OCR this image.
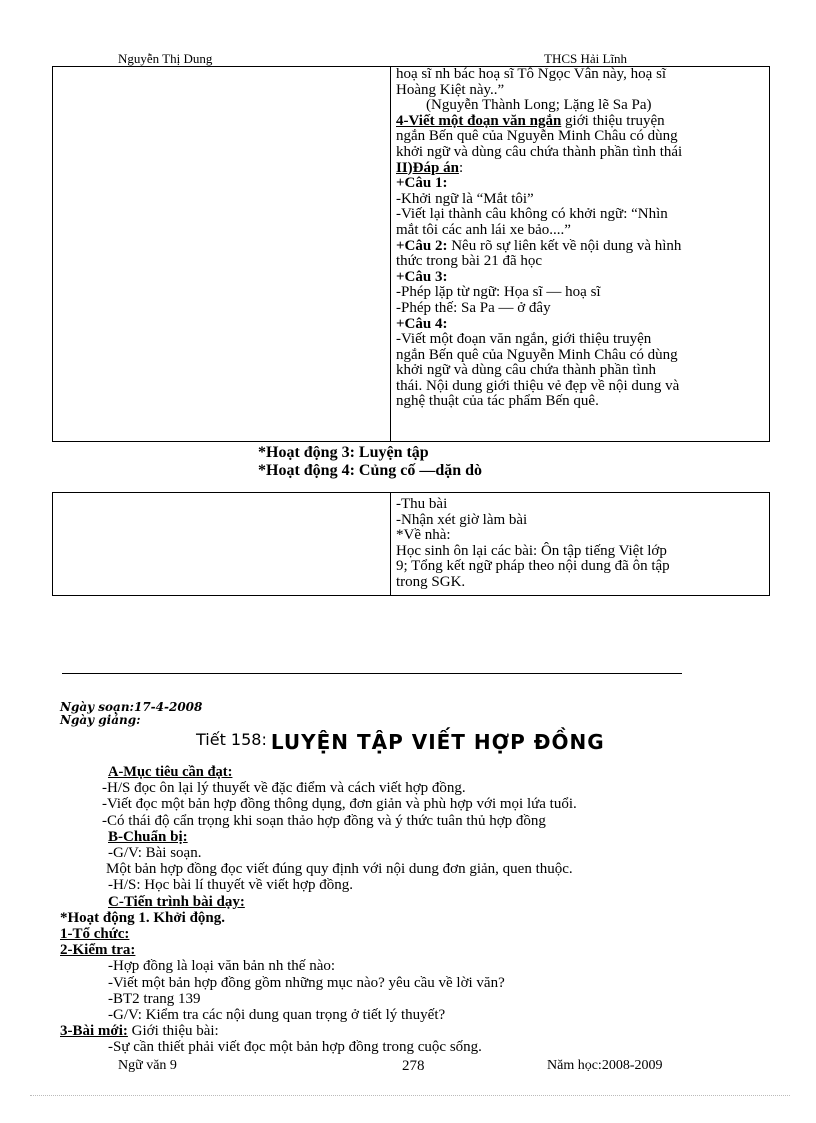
Nguyễn Thị Dung	THCS Hải Lĩnh
hoạ sĩ nh bác hoạ sĩ Tô Ngọc Vân này, hoạ sĩ
Hoàng Kiệt này..”
(Nguyễn Thành Long; Lặng lẽ Sa Pa)
4-Viết một đoạn văn ngắn giới thiệu truyện
ngắn Bến quê của Nguyễn Minh Châu có dùng
khởi ngữ và dùng câu chứa thành phần tình thái
II)Đáp án:
+Câu 1:
-Khởi ngữ là “Mắt tôi”
-Viết lại thành câu không có khởi ngữ: “Nhìn
mắt tôi các anh lái xe bảo....”
+Câu 2: Nêu rõ sự liên kết về nội dung và hình
thức trong bài 21 đã học
+Câu 3:
-Phép lặp từ ngữ: Họa sĩ — hoạ sĩ
-Phép thế: Sa Pa — ở đây
+Câu 4:
-Viết một đoạn văn ngắn, giới thiệu truyện
ngắn Bến quê của Nguyễn Minh Châu có dùng
khởi ngữ và dùng câu chứa thành phần tình
thái. Nội dung giới thiệu vẻ đẹp về nội dung và
nghệ thuật của tác phẩm Bến quê.
*Hoạt động 3: Luyện tập
*Hoạt động 4: Củng cố —dặn dò
-Thu bài
-Nhận xét giờ làm bài
*Về nhà:
Học sinh ôn lại các bài: Ôn tập tiếng Việt lớp
9; Tổng kết ngữ pháp theo nội dung đã ôn tập
trong SGK.
Ngày soạn:17-4-2008
Ngày giảng:
Tiết 158: LUYỆN TẬP VIẾT HỢP ĐỒNG
A-Mục tiêu cần đạt:
-H/S đọc ôn lại lý thuyết về đặc điểm và cách viết hợp đồng.
-Viết đọc một bản hợp đồng thông dụng, đơn giản và phù hợp với mọi lứa tuổi.
-Có thái độ cẩn trọng khi soạn thảo hợp đồng và ý thức tuân thủ hợp đồng
B-Chuẩn bị:
-G/V: Bài soạn.
Một bản hợp đồng đọc viết đúng quy định với nội dung đơn giản, quen thuộc.
-H/S: Học bài lí thuyết về viết hợp đồng.
C-Tiến trình bài dạy:
*Hoạt động 1. Khởi động.
1-Tổ chức:
2-Kiểm tra:
-Hợp đồng là loại văn bản nh thế nào:
-Viết một bản hợp đồng gồm những mục nào? yêu cầu về lời văn?
-BT2 trang 139
-G/V: Kiểm tra các nội dung quan trọng ở tiết lý thuyết?
3-Bài mới: Giới thiệu bài:
-Sự cần thiết phải viết đọc một bản hợp đồng trong cuộc sống.
Ngữ văn 9	278	Năm học:2008-2009
